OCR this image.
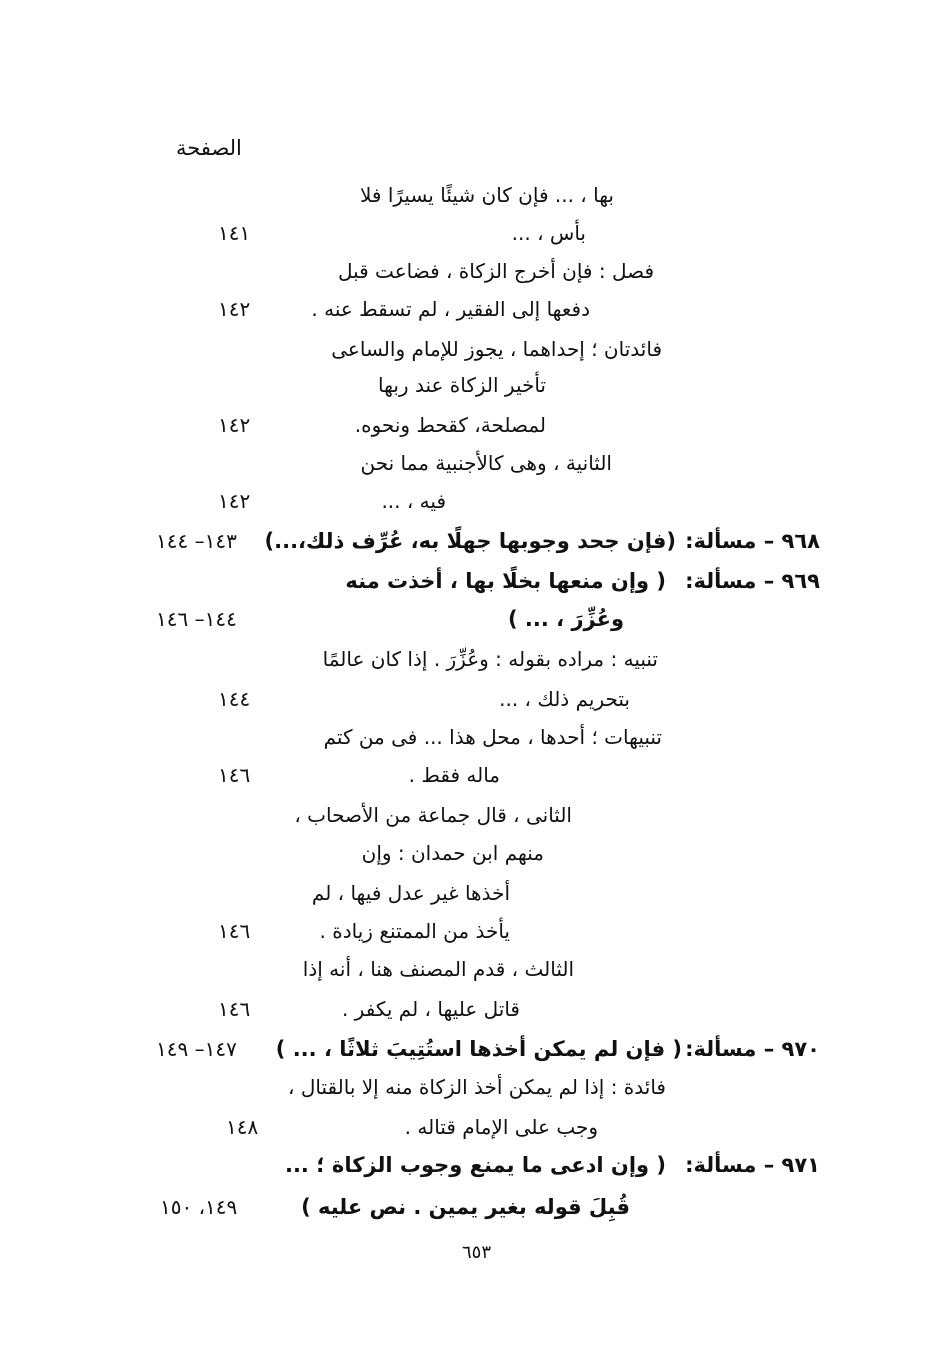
الصفحة
بها ، ... فإن كان شيئًا يسيرًا فلا
بأس ، ...
١٤١
فصل : فإن أخرج الزكاة ، فضاعت قبل
دفعها إلى الفقير ، لم تسقط عنه .
١٤٢
فائدتان ؛ إحداهما ، يجوز للإمام والساعى
تأخير الزكاة عند ربها
لمصلحة، كقحط ونحوه.
١٤٢
الثانية ، وهى كالأجنبية مما نحن
فيه ، ...
١٤٢
٩٦٨ – مسألة:
(فإن جحد وجوبها جهلًا به، عُرِّف ذلك،...)
١٤٣– ١٤٤
٩٦٩ – مسألة:
( وإن منعها بخلًا بها ، أخذت منه
وعُزِّرَ ، ... )
١٤٤– ١٤٦
تنبيه : مراده بقوله : وعُزِّرَ . إذا كان عالمًا
بتحريم ذلك ، ...
١٤٤
تنبيهات ؛ أحدها ، محل هذا ... فى من كتم
ماله فقط .
١٤٦
الثانى ، قال جماعة من الأصحاب ،
منهم ابن حمدان : وإن
أخذها غير عدل فيها ، لم
يأخذ من الممتنع زيادة .
١٤٦
الثالث ، قدم المصنف هنا ، أنه إذا
قاتل عليها ، لم يكفر .
١٤٦
٩٧٠ – مسألة:
( فإن لم يمكن أخذها استُتِيبَ ثلاثًا ، ... )
١٤٧– ١٤٩
فائدة : إذا لم يمكن أخذ الزكاة منه إلا بالقتال ،
وجب على الإمام قتاله .
١٤٨
٩٧١ – مسألة:
( وإن ادعى ما يمنع وجوب الزكاة ؛ ...
قُبِلَ قوله بغير يمين . نص عليه )
١٤٩، ١٥٠
٦٥٣
